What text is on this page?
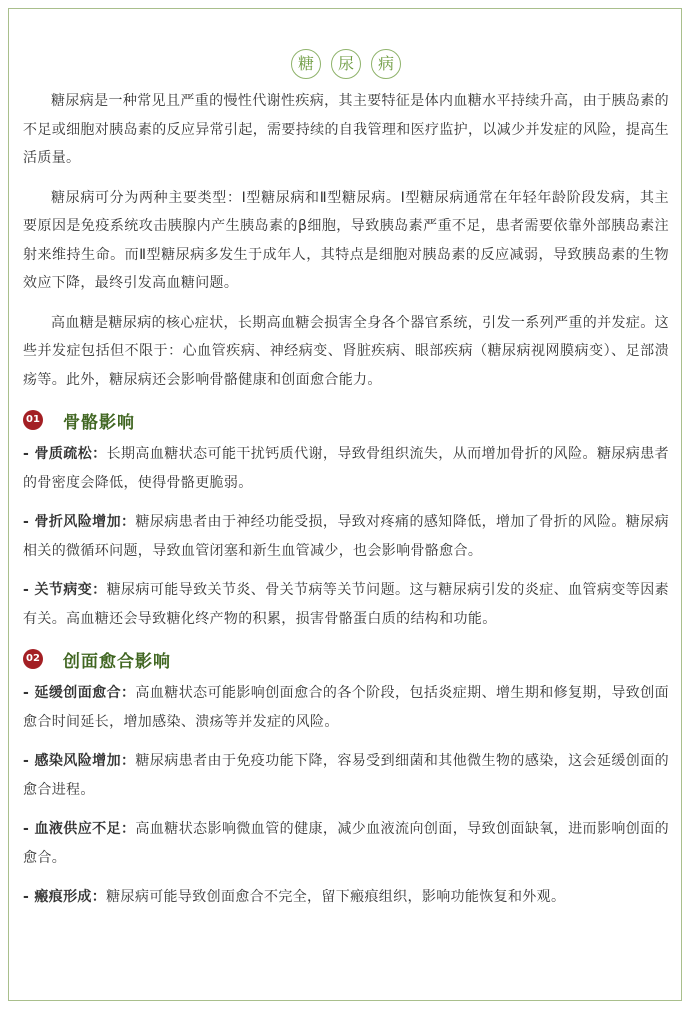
糖	尿	病

糖尿病是一种常见且严重的慢性代谢性疾病，其主要特征是体内血糖水平持续升高，由于胰岛素的不足或细胞对胰岛素的反应异常引起，需要持续的自我管理和医疗监护，以减少并发症的风险，提高生活质量。

糖尿病可分为两种主要类型：Ⅰ型糖尿病和Ⅱ型糖尿病。Ⅰ型糖尿病通常在年轻年龄阶段发病，其主要原因是免疫系统攻击胰腺内产生胰岛素的β细胞，导致胰岛素严重不足，患者需要依靠外部胰岛素注射来维持生命。而Ⅱ型糖尿病多发生于成年人，其特点是细胞对胰岛素的反应减弱，导致胰岛素的生物效应下降，最终引发高血糖问题。

高血糖是糖尿病的核心症状，长期高血糖会损害全身各个器官系统，引发一系列严重的并发症。这些并发症包括但不限于：心血管疾病、神经病变、肾脏疾病、眼部疾病（糖尿病视网膜病变）、足部溃疡等。此外，糖尿病还会影响骨骼健康和创面愈合能力。

01 骨骼影响
- 骨质疏松：长期高血糖状态可能干扰钙质代谢，导致骨组织流失，从而增加骨折的风险。糖尿病患者的骨密度会降低，使得骨骼更脆弱。
- 骨折风险增加：糖尿病患者由于神经功能受损，导致对疼痛的感知降低，增加了骨折的风险。糖尿病相关的微循环问题，导致血管闭塞和新生血管减少，也会影响骨骼愈合。
- 关节病变：糖尿病可能导致关节炎、骨关节病等关节问题。这与糖尿病引发的炎症、血管病变等因素有关。高血糖还会导致糖化终产物的积累，损害骨骼蛋白质的结构和功能。
02 创面愈合影响
- 延缓创面愈合：高血糖状态可能影响创面愈合的各个阶段，包括炎症期、增生期和修复期，导致创面愈合时间延长，增加感染、溃疡等并发症的风险。
- 感染风险增加：糖尿病患者由于免疫功能下降，容易受到细菌和其他微生物的感染，这会延缓创面的愈合进程。
- 血液供应不足：高血糖状态影响微血管的健康，减少血液流向创面，导致创面缺氧，进而影响创面的愈合。
- 瘢痕形成：糖尿病可能导致创面愈合不完全，留下瘢痕组织，影响功能恢复和外观。
